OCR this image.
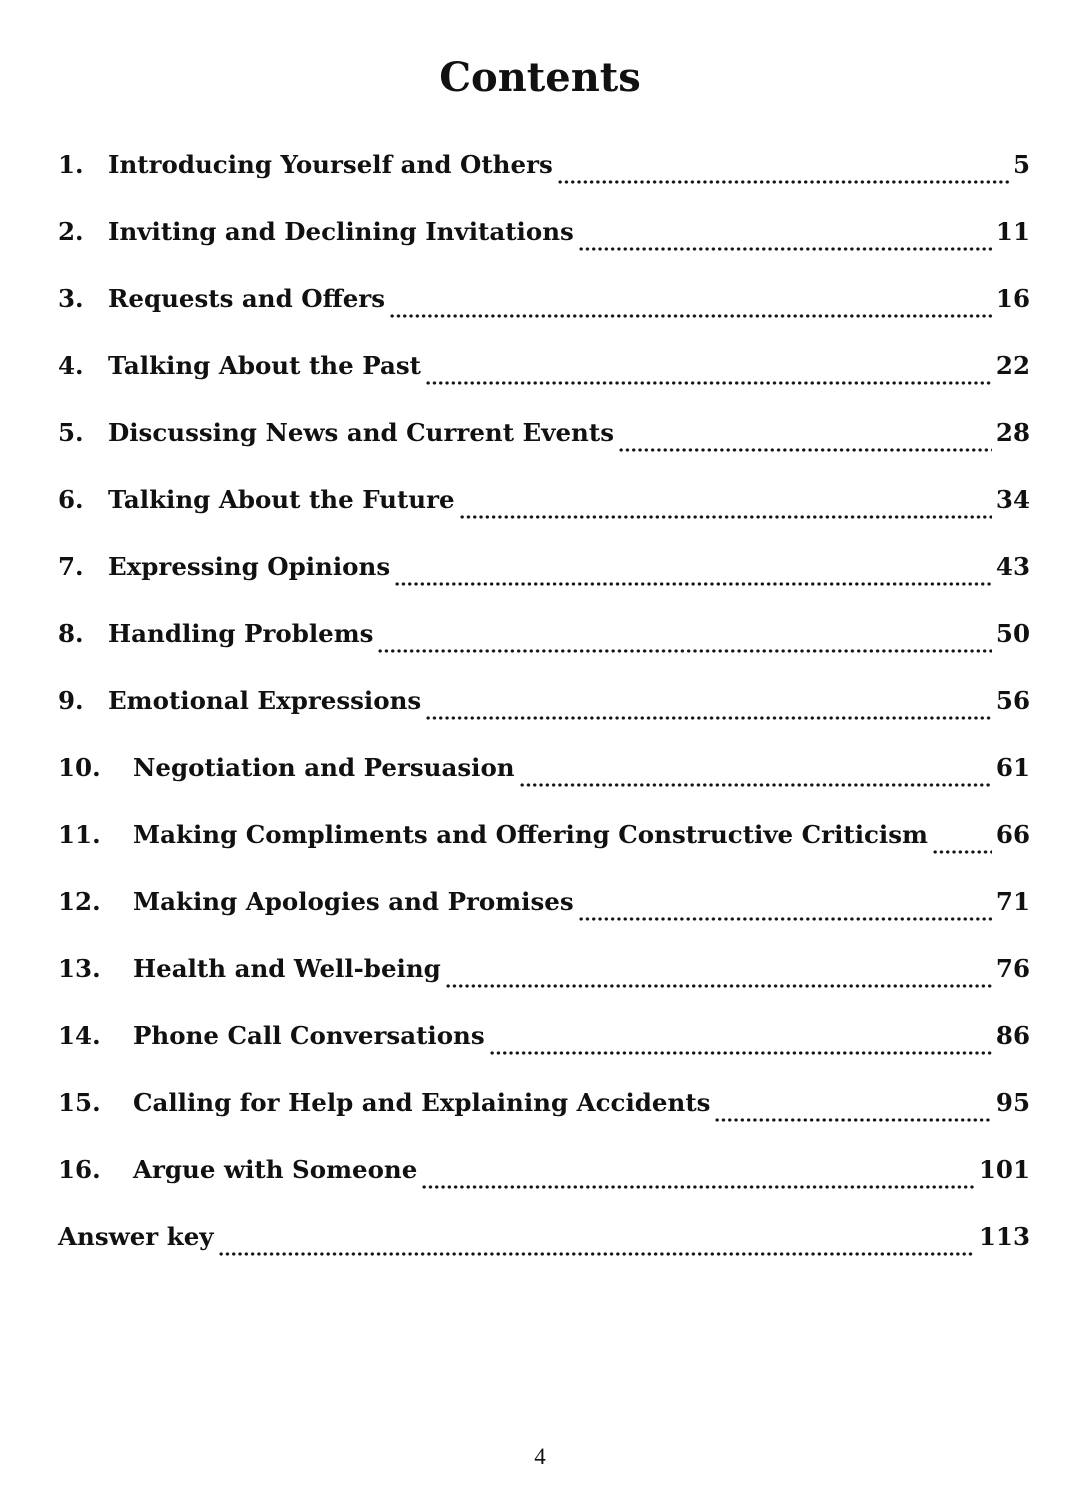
Contents
1. Introducing Yourself and Others	5
2. Inviting and Declining Invitations	11
3. Requests and Offers	16
4. Talking About the Past	22
5. Discussing News and Current Events	28
6. Talking About the Future	34
7. Expressing Opinions	43
8. Handling Problems	50
9. Emotional Expressions	56
10.	Negotiation and Persuasion	61
11.	Making Compliments and Offering Constructive Criticism	66
12.	Making Apologies and Promises	71
13.	Health and Well-being	76
14.	Phone Call Conversations	86
15.	Calling for Help and Explaining Accidents	95
16.	Argue with Someone	101
Answer key	113
4
